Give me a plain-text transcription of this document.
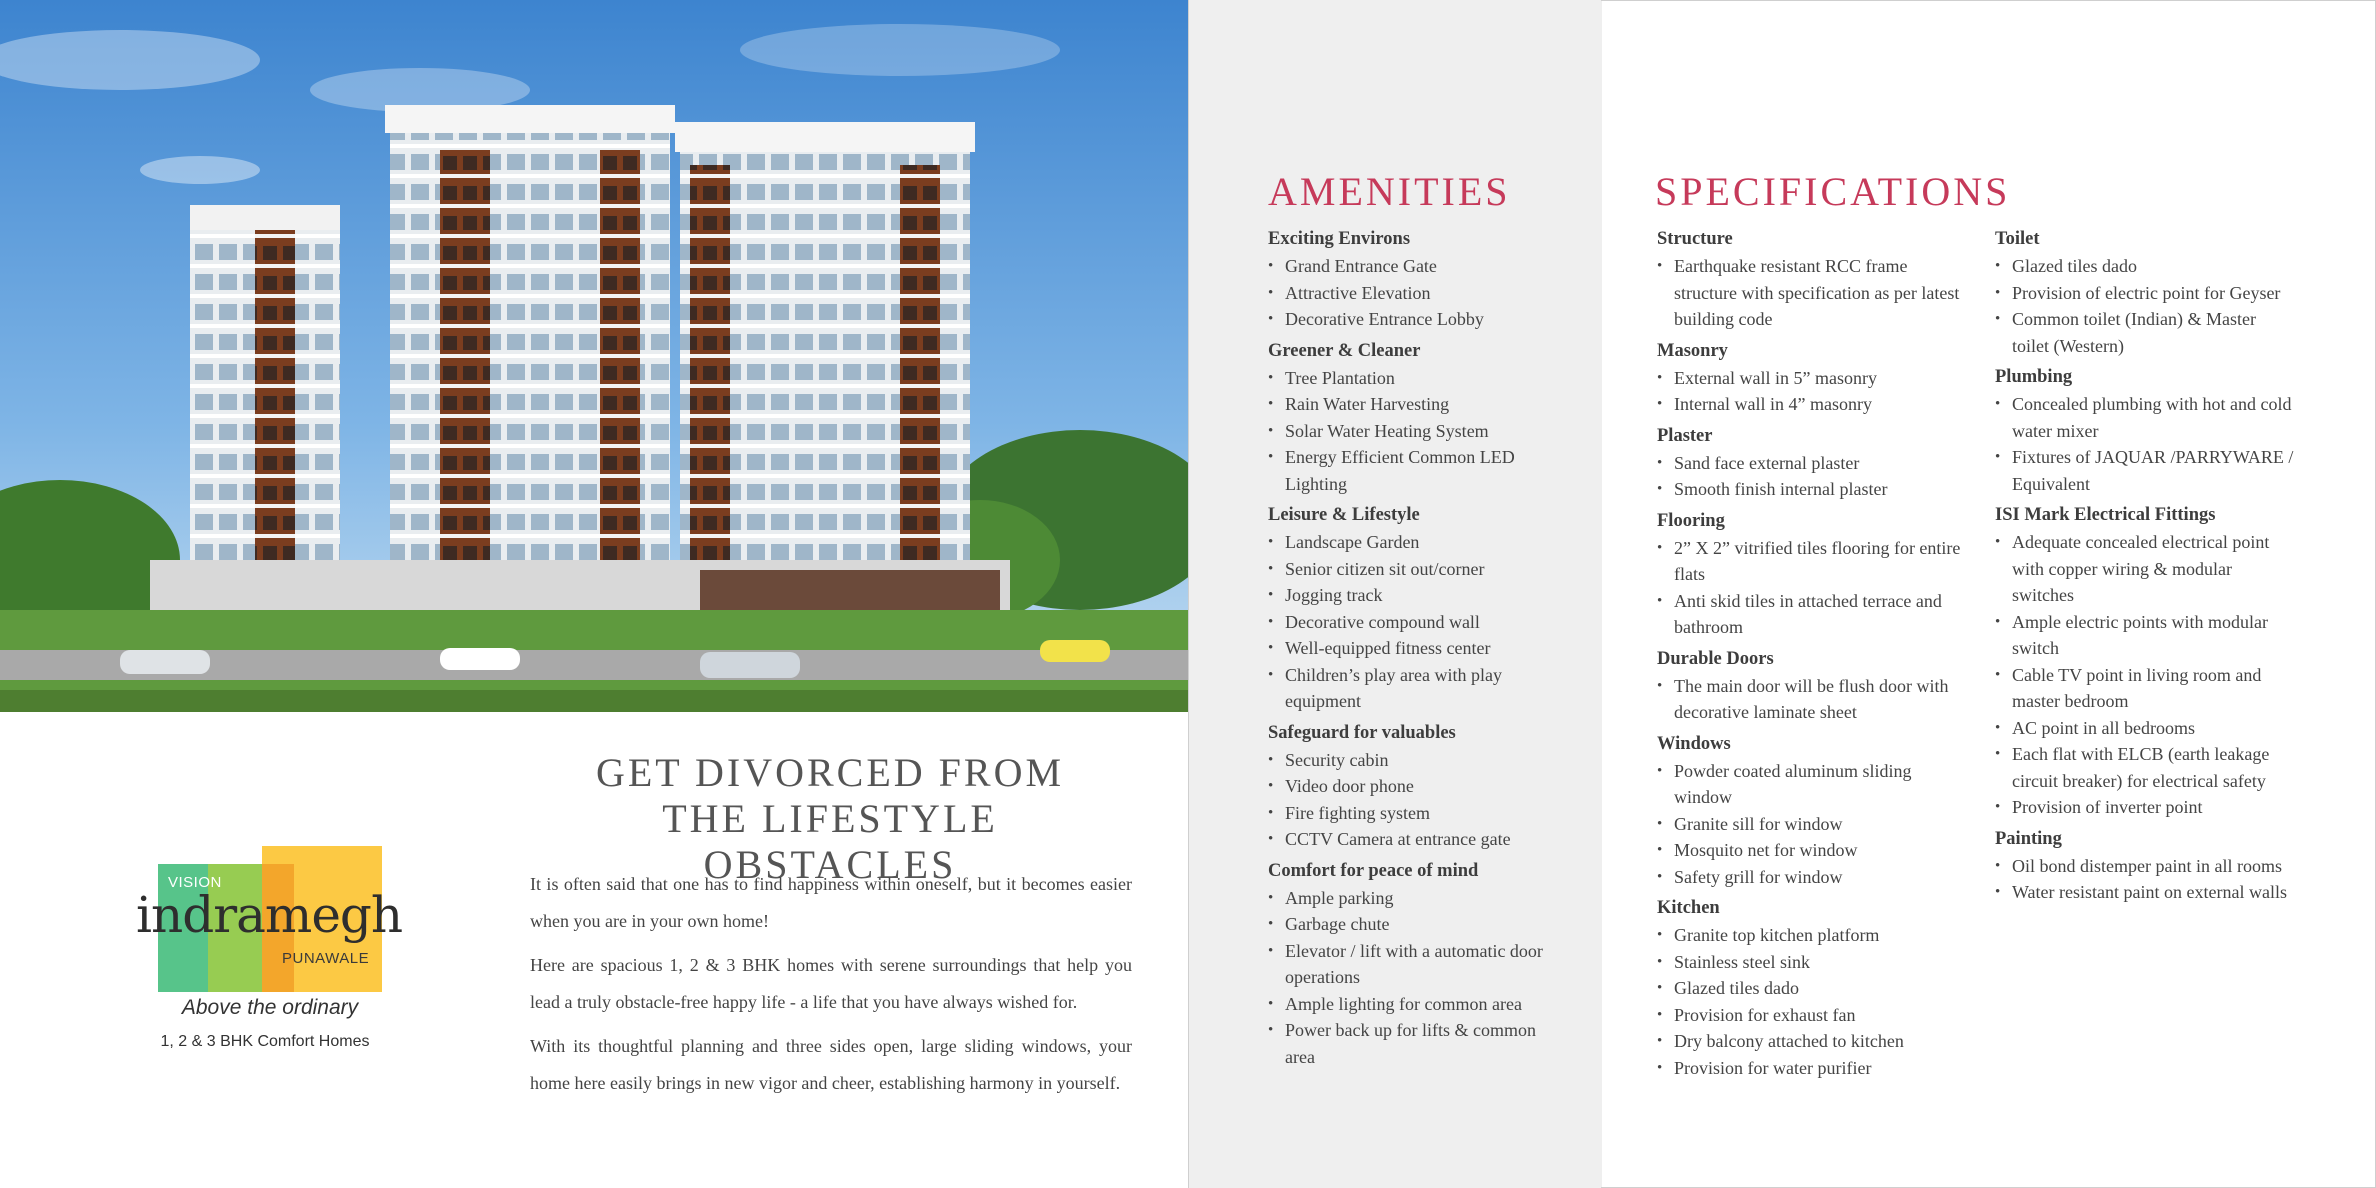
VISION
indramegh
PUNAWALE
Above the ordinary
1, 2 & 3 BHK Comfort Homes
GET DIVORCED FROM
THE LIFESTYLE OBSTACLES

It is often said that one has to find happiness within oneself, but it becomes easier when you are in your own home!

Here are spacious 1, 2 & 3 BHK homes with serene surroundings that help you lead a truly obstacle-free happy life - a life that you have always wished for.

With its thoughtful planning and three sides open, large sliding windows, your home here easily brings in new vigor and cheer, establishing harmony in yourself.

AMENITIES
Exciting Environs
• Grand Entrance Gate
• Attractive Elevation
• Decorative Entrance Lobby
Greener & Cleaner
• Tree Plantation
• Rain Water Harvesting
• Solar Water Heating System
• Energy Efficient Common LED Lighting
Leisure & Lifestyle
• Landscape Garden
• Senior citizen sit out/corner
• Jogging track
• Decorative compound wall
• Well-equipped fitness center
• Children’s play area with play equipment
Safeguard for valuables
• Security cabin
• Video door phone
• Fire fighting system
• CCTV Camera at entrance gate
Comfort for peace of mind
• Ample parking
• Garbage chute
• Elevator / lift with a automatic door operations
• Ample lighting for common area
• Power back up for lifts & common area
SPECIFICATIONS
Structure
• Earthquake resistant RCC frame structure with specification as per latest building code
Masonry
• External wall in 5” masonry
• Internal wall in 4” masonry
Plaster
• Sand face external plaster
• Smooth finish internal plaster
Flooring
• 2” X 2” vitrified tiles flooring for entire flats
• Anti skid tiles in attached terrace and bathroom
Durable Doors
• The main door will be flush door with decorative laminate sheet
Windows
• Powder coated aluminum sliding window
• Granite sill for window
• Mosquito net for window
• Safety grill for window
Kitchen
• Granite top kitchen platform
• Stainless steel sink
• Glazed tiles dado
• Provision for exhaust fan
• Dry balcony attached to kitchen
• Provision for water purifier
Toilet
• Glazed tiles dado
• Provision of electric point for Geyser
• Common toilet (Indian) & Master toilet (Western)
Plumbing
• Concealed plumbing with hot and cold water mixer
• Fixtures of JAQUAR /PARRYWARE / Equivalent
ISI Mark Electrical Fittings
• Adequate concealed electrical point with copper wiring & modular switches
• Ample electric points with modular switch
• Cable TV point in living room and master bedroom
• AC point in all bedrooms
• Each flat with ELCB (earth leakage circuit breaker) for electrical safety
• Provision of inverter point
Painting
• Oil bond distemper paint in all rooms
• Water resistant paint on external walls
